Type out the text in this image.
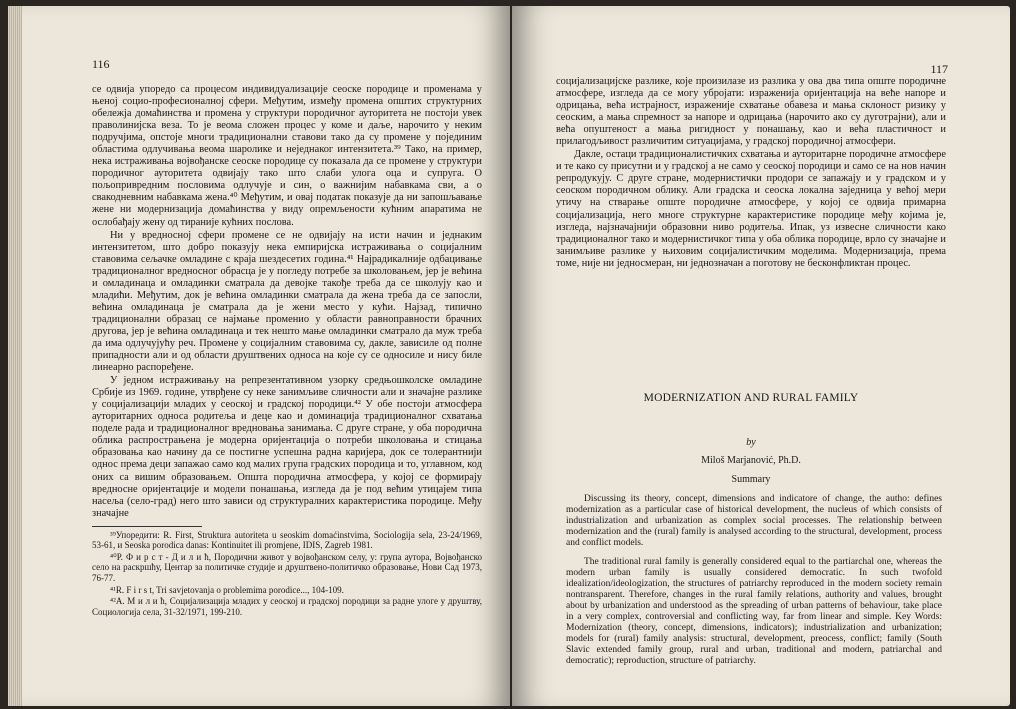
116	117

се одвија упоредо са процесом индивидуализације сеоске породице и променама у њеној социо-професионалној сфери. Међутим, између промена општих структурних обележја домаћинства и промена у структури породичног ауторитета не постоји увек праволинијска веза. То је веома сложен процес у коме и даље, нарочито у неким подручјима, опстоје многи традиционални ставови тако да су промене у појединим областима одлучивања веома шаролике и неједнаког интензитета.³⁹ Тако, на пример, нека истраживања војвођанске сеоске породице су показала да се промене у структури породичног ауторитета одвијају тако што слаби улога оца и супруга. О пољопривредним пословима одлучује и син, о важнијим набавкама сви, а о свакодневним набавкама жена.⁴⁰ Међутим, и овај податак показује да ни запошљавање жене ни модернизација домаћинства у виду опремљености кућним апаратима не ослобађају жену од тираније кућних послова.

Ни у вредносној сфери промене се не одвијају на исти начин и једнаким интензитетом, што добро показују нека емпиријска истраживања о социјалним ставовима сељачке омладине с краја шездесетих година.⁴¹ Најрадикалније одбацивање традиционалног вредносног обрасца је у погледу потребе за школовањем, јер је већина и омладинаца и омладинки сматрала да девојке такође треба да се школују као и младићи. Међутим, док је већина омладинки сматрала да жена треба да се запосли, већина омладинаца је сматрала да је жени место у кући. Најзад, типично традиционални образац се најмање променио у области равноправности брачних другова, јер је већина омладинаца и тек нешто мање омладинки сматрало да муж треба да има одлучујућу реч. Промене у социјалним ставовима су, дакле, зависиле од полне припадности али и од области друштвених односа на које су се односиле и нису биле линеарно распоређене.

У једном истраживању на репрезентативном узорку средњошколске омладине Србије из 1969. године, утврђене су неке занимљиве сличности али и значајне разлике у социјализацији младих у сеоској и градској породици.⁴² У обе постоји атмосфера ауторитарних односа родитеља и деце као и доминација традиционалног схватања поделе рада и традиционалног вредновања занимања. С друге стране, у оба породична облика распрострањена је модерна оријентација о потреби школовања и стицања образовања као начину да се постигне успешна радна каријера, док се толерантнији однос према деци запажао само код малих група градских породица и то, углавном, код оних са вишим образовањем. Општа породична атмосфера, у којој се формирају вредносне оријентације и модели понашања, изгледа да је под већим утицајем типа насеља (село-град) него што зависи од структуралних карактеристика породице. Међу значајне

³⁹Упоредити: R. First, Struktura autoriteta u seoskim domaćinstvima, Sociologija sela, 23-24/1969, 53-61, и Seoska porodica danas: Kontinuitet ili promjene, IDIS, Zagreb 1981.

⁴⁰Р. Ф и р с т - Д и л и ћ, Породични живот у војвођанском селу, у: група аутора, Војвођанско село на раскршћу, Центар за политичке студије и друштвено-политичко образовање, Нови Сад 1973, 76-77.

⁴¹R. F i r s t, Tri savjetovanja o problemima porodice..., 104-109.

⁴²А. М и л и ћ, Социјализација младих у сеоској и градској породици за радне улоге у друштву, Социологија села, 31-32/1971, 199-210.

социјализацијске разлике, које произилазе из разлика у ова два типа опште породичне атмосфере, изгледа да се могу убројати: израженија оријентација на веће напоре и одрицања, већа истрајност, израженије схватање обавеза и мања склоност ризику у сеоским, а мања спремност за напоре и одрицања (нарочито ако су дуготрајни), али и већа опуштеност а мања ригидност у понашању, као и већа пластичност и прилагодљивост различитим ситуацијама, у градској породичној атмосфери.

Дакле, остаци традиционалистичких схватања и ауторитарне породичне атмосфере и те како су присутни и у градској а не само у сеоској породици и само се на нов начин репродукују. С друге стране, модернистички продори се запажају и у градском и у сеоском породичном облику. Али градска и сеоска локална заједница у већој мери утичу на стварање опште породичне атмосфере, у којој се одвија примарна социјализација, него многе структурне карактеристике породице међу којима је, изгледа, најзначајнији образовни ниво родитеља. Ипак, уз извесне сличности како традиционалног тако и модернистичког типа у оба облика породице, врло су значајне и занимљиве разлике у њиховим социјалистичким моделима. Модернизација, према томе, није ни једносмеран, ни једнозначан а поготову не бесконфликтан процес.

MODERNIZATION AND RURAL FAMILY
by
Miloš Marjanović, Ph.D.
Summary

Discussing its theory, concept, dimensions and indicatore of change, the autho: defines modernization as a particular case of historical development, the nucleus of which consists of industrialization and urbanization as complex social processes. The relationship between modernization and the (rural) family is analysed according to the structural, development, process and conflict models.

The traditional rural family is generally considered equal to the partiarchal one, whereas the modern urban family is usually considered democratic. In such twofold idealization/ideologization, the structures of patriarchy reproduced in the modern society remain nontransparent. Therefore, changes in the rural family relations, authority and values, brought about by urbanization and understood as the spreading of urban patterns of behaviour, take place in a very complex, controversial and conflicting way, far from linear and simple. Key Words: Modernization (theory, concept, dimensions, indicators); industrialization and urbanization; models for (rural) family analysis: structural, development, preocess, conflict; family (South Slavic extended family group, rural and urban, traditional and modern, patriarchal and democratic); reproduction, structure of patriarchy.
